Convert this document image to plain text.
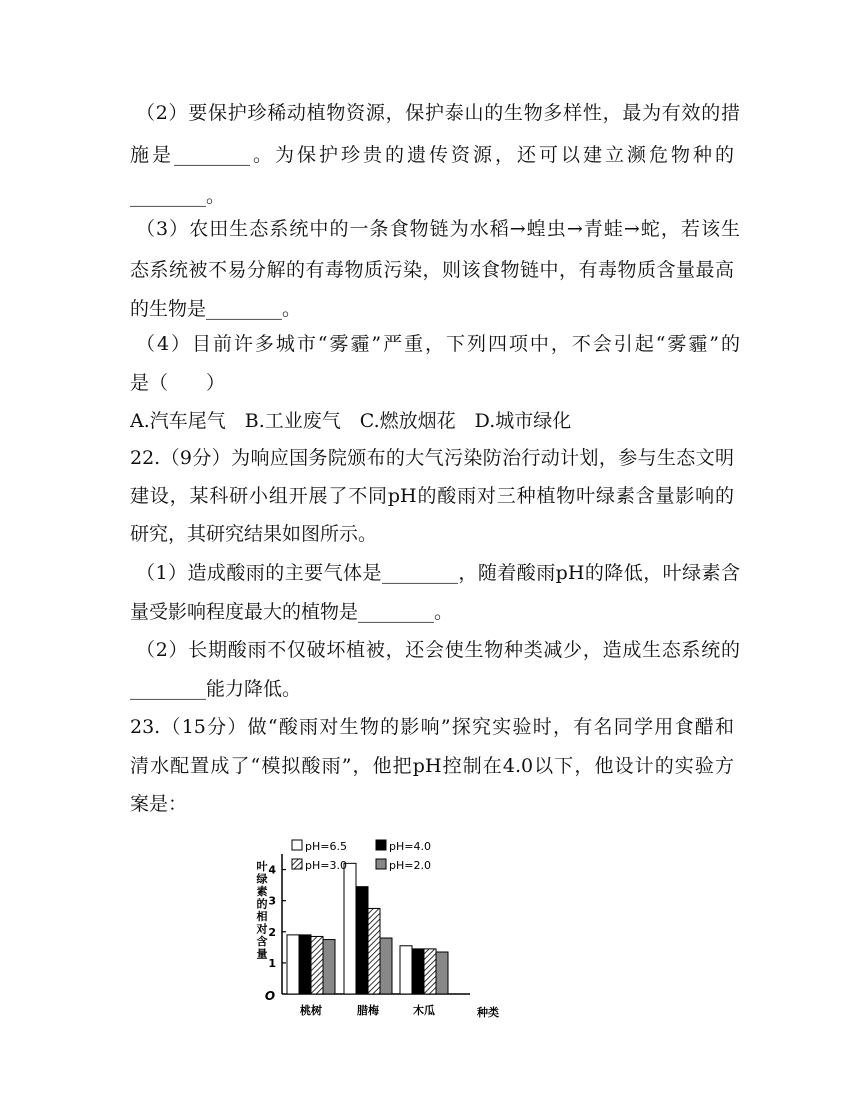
（2）要保护珍稀动植物资源，保护泰山的生物多样性，最为有效的措
施是________。为保护珍贵的遗传资源，还可以建立濒危物种的
________。
（3）农田生态系统中的一条食物链为水稻→蝗虫→青蛙→蛇，若该生
态系统被不易分解的有毒物质污染，则该食物链中，有毒物质含量最高
的生物是________。
（4）目前许多城市“雾霾”严重，下列四项中，不会引起“雾霾”的
是（　　）
A.汽车尾气　B.工业废气　C.燃放烟花　D.城市绿化
22.（9分）为响应国务院颁布的大气污染防治行动计划，参与生态文明
建设，某科研小组开展了不同pH的酸雨对三种植物叶绿素含量影响的
研究，其研究结果如图所示。
（1）造成酸雨的主要气体是________，随着酸雨pH的降低，叶绿素含
量受影响程度最大的植物是________。
（2）长期酸雨不仅破坏植被，还会使生物种类减少，造成生态系统的
________能力降低。
23.（15分）做“酸雨对生物的影响”探究实验时，有名同学用食醋和
清水配置成了“模拟酸雨”，他把pH控制在4.0以下，他设计的实验方
案是：
1
2
3
4
O
叶绿素的相对含量
桃树	腊梅	木瓜	种类
pH=6.5	pH=4.0
pH=3.0	pH=2.0
